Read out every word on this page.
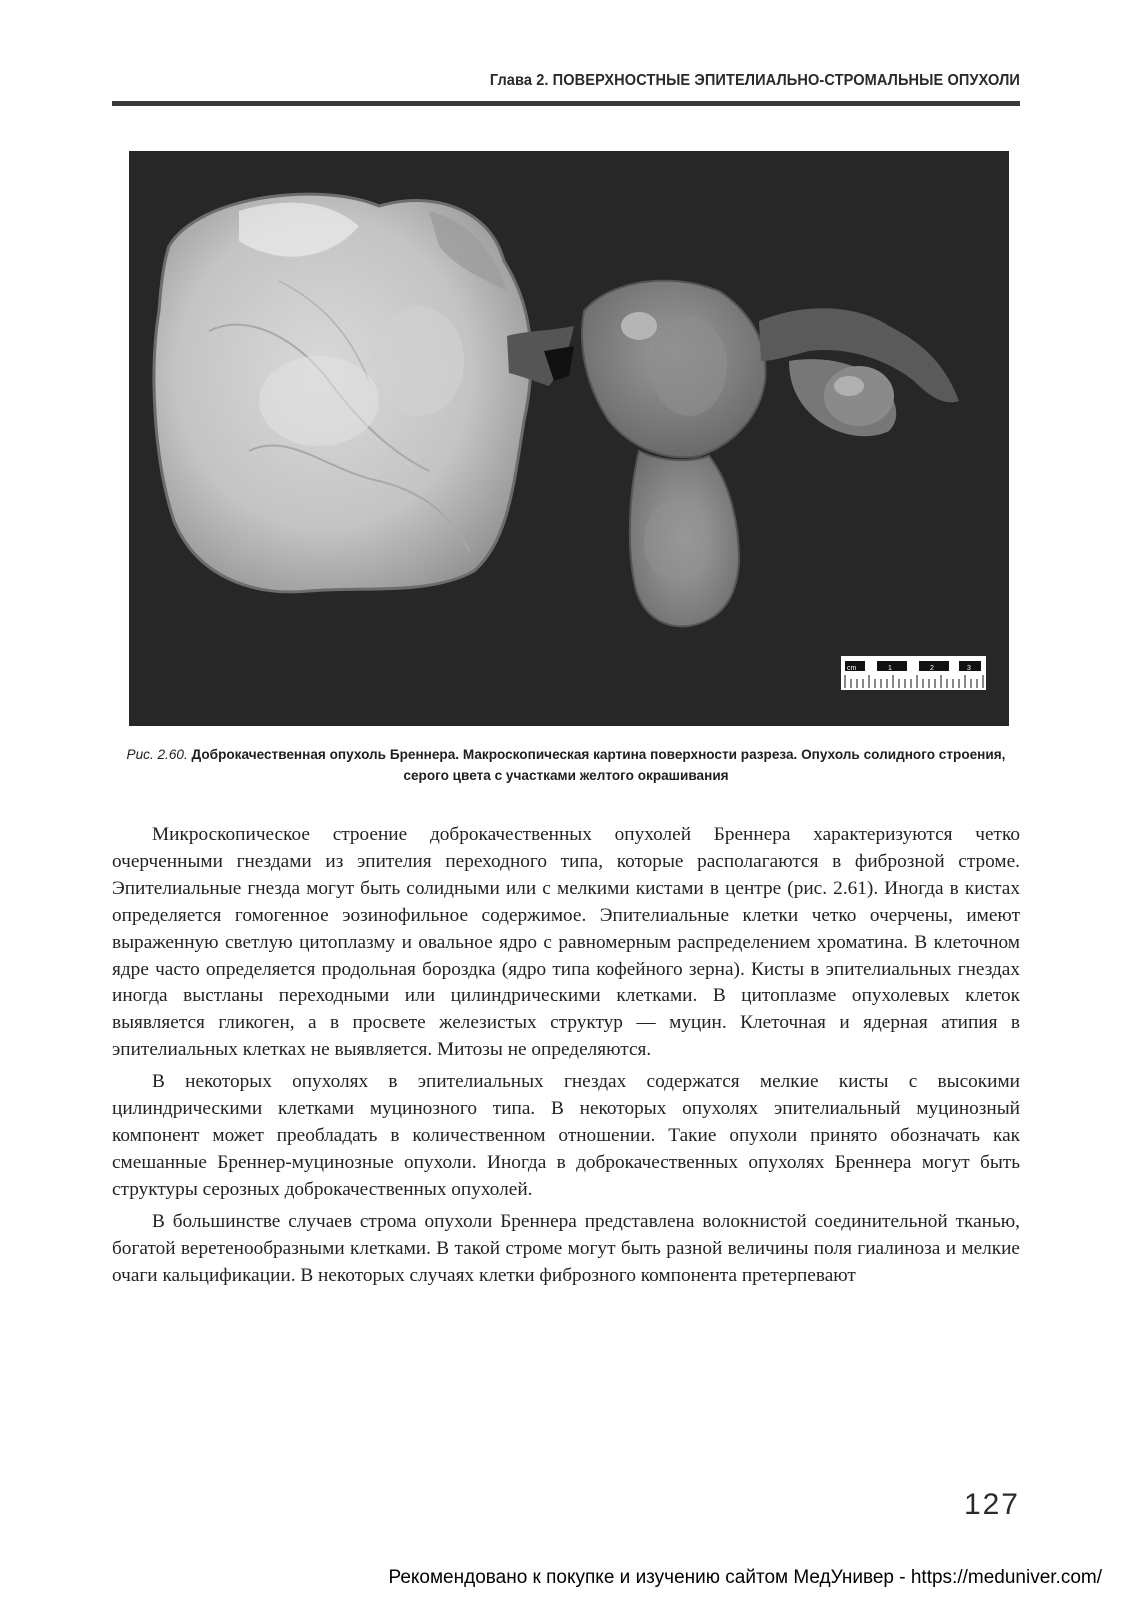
Глава 2. ПОВЕРХНОСТНЫЕ ЭПИТЕЛИАЛЬНО-СТРОМАЛЬНЫЕ ОПУХОЛИ
cm	1	2	3
Рис. 2.60. Доброкачественная опухоль Бреннера. Макроскопическая картина поверхности разреза. Опухоль солидного строения, серого цвета с участками желтого окрашивания

Микроскопическое строение доброкачественных опухолей Бреннера характеризуются четко очерченными гнездами из эпителия переходного типа, которые располагаются в фиброзной строме. Эпителиальные гнезда могут быть солидными или с мелкими кистами в центре (рис. 2.61). Иногда в кистах определяется гомогенное эозинофильное содержимое. Эпителиальные клетки четко очерчены, имеют выраженную светлую цитоплазму и овальное ядро с равномерным распределением хроматина. В клеточном ядре часто определяется продольная бороздка (ядро типа кофейного зерна). Кисты в эпителиальных гнездах иногда выстланы переходными или цилиндрическими клетками. В цитоплазме опухолевых клеток выявляется гликоген, а в просвете железистых структур — муцин. Клеточная и ядерная атипия в эпителиальных клетках не выявляется. Митозы не определяются.

В некоторых опухолях в эпителиальных гнездах содержатся мелкие кисты с высокими цилиндрическими клетками муцинозного типа. В некоторых опухолях эпителиальный муцинозный компонент может преобладать в количественном отношении. Такие опухоли принято обозначать как смешанные Бреннер-муцинозные опухоли. Иногда в доброкачественных опухолях Бреннера могут быть структуры серозных доброкачественных опухолей.

В большинстве случаев строма опухоли Бреннера представлена волокнистой соединительной тканью, богатой веретенообразными клетками. В такой строме могут быть разной величины поля гиалиноза и мелкие очаги кальцификации. В некоторых случаях клетки фиброзного компонента претерпевают

127
Рекомендовано к покупке и изучению сайтом МедУнивер - https://meduniver.com/
